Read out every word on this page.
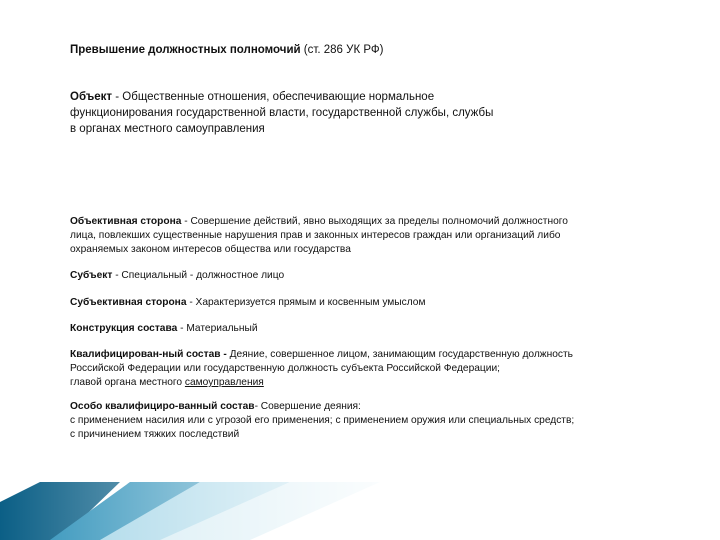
Превышение должностных полномочий (ст. 286 УК РФ)
Объект - Общественные отношения, обеспечивающие нормальное
функционирования государственной власти, государственной службы, службы
в органах местного самоуправления
Объективная сторона - Совершение действий, явно выходящих за пределы полномочий должностного
лица, повлекших существенные нарушения прав и законных интересов граждан или организаций либо
охраняемых законом интересов общества или государства
Субъект - Специальный - должностное лицо
Субъективная сторона - Характеризуется прямым и косвенным умыслом
Конструкция состава - Материальный
Квалифицирован-ный состав - Деяние, совершенное лицом, занимающим государственную должность
Российской Федерации или государственную должность субъекта Российской Федерации;
главой органа местного самоуправления
Особо квалифициро-ванный состав- Совершение деяния:
с применением насилия или с угрозой его применения; с применением оружия или специальных средств;
с причинением тяжких последствий
